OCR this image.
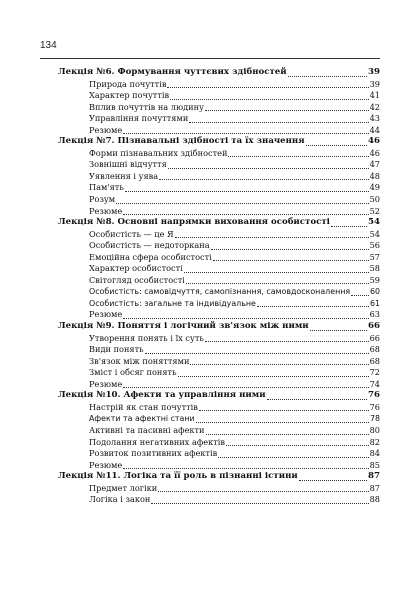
134
Лекція №6. Формування чуттєвих здібностей	39
Природа почуттів	39
Характер почуттів	41
Вплив почуттів на людину	42
Управління почуттями	43
Резюме	44
Лекція №7. Пізнавальні здібності та їх значення	46
Форми пізнавальних здібностей	46
Зовнішні відчуття	47
Уявлення і уява	48
Пам'ять	49
Розум	50
Резюме	52
Лекція №8. Основні напрямки виховання особистості	54
Особистість — це Я	54
Особистість — недоторкана	56
Емоційна сфера особистості	57
Характер особистості	58
Світогляд особистості	59
Особистість: самовідчуття, самопізнання, самовдосконалення	60
Особистість: загальне та індивідуальне	61
Резюме	63
Лекція №9. Поняття і логічний зв'язок між ними	66
Утворення понять і їх суть	66
Види понять	68
Зв'язок між поняттями	68
Зміст і обсяг понять	72
Резюме	74
Лекція №10. Афекти та управління ними	76
Настрій як стан почуттів	76
Афекти та афектні стани	78
Активні та пасивні афекти	80
Подолання негативних афектів	82
Розвиток позитивних афектів	84
Резюме	85
Лекція №11. Логіка та її роль в пізнанні істини	87
Предмет логіки	87
Логіка і закон	88
